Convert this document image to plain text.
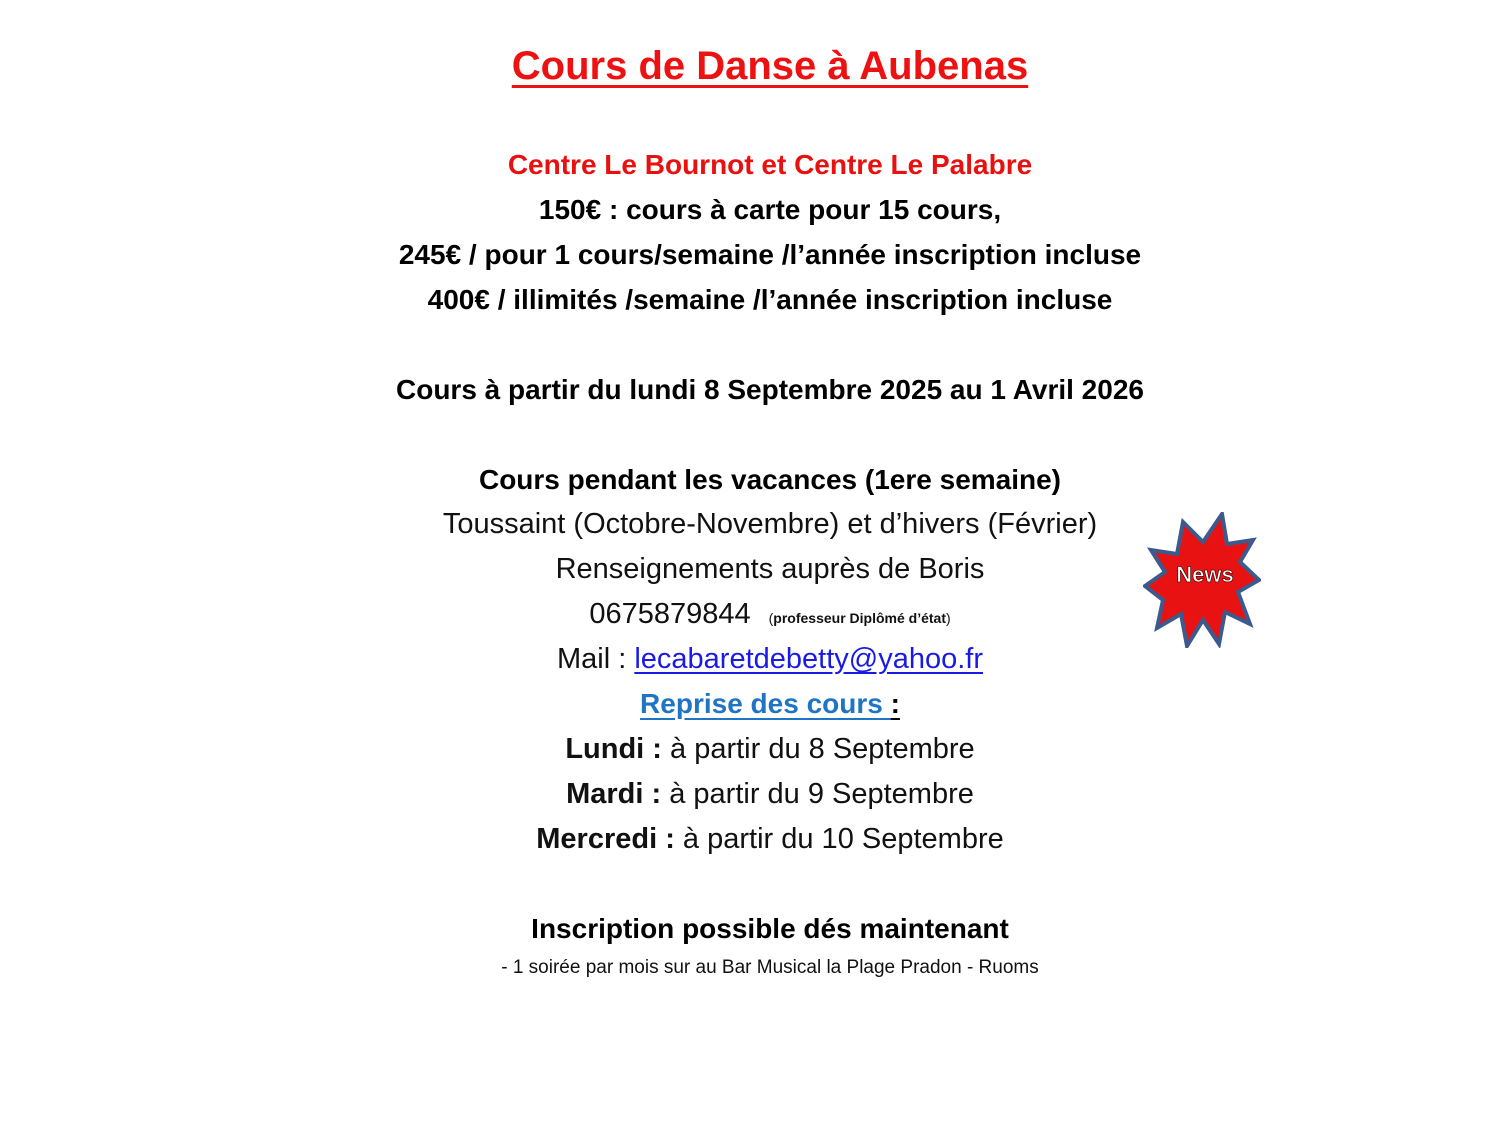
Cours de Danse à Aubenas
Centre Le Bournot et Centre Le Palabre
150€ : cours à carte pour 15 cours,
245€ / pour 1 cours/semaine /l’année inscription incluse
400€ / illimités /semaine /l’année inscription incluse
Cours à partir du lundi 8 Septembre 2025 au 1 Avril 2026
Cours pendant les vacances (1ere semaine)
Toussaint (Octobre-Novembre) et d’hivers (Février)
Renseignements auprès de Boris
0675879844 (professeur Diplômé d’état)
Mail : lecabaretdebetty@yahoo.fr
Reprise des cours :
Lundi : à partir du 8 Septembre
Mardi : à partir du 9 Septembre
Mercredi : à partir du 10 Septembre
Inscription possible dés maintenant
- 1 soirée par mois sur au Bar Musical la Plage Pradon - Ruoms
News
